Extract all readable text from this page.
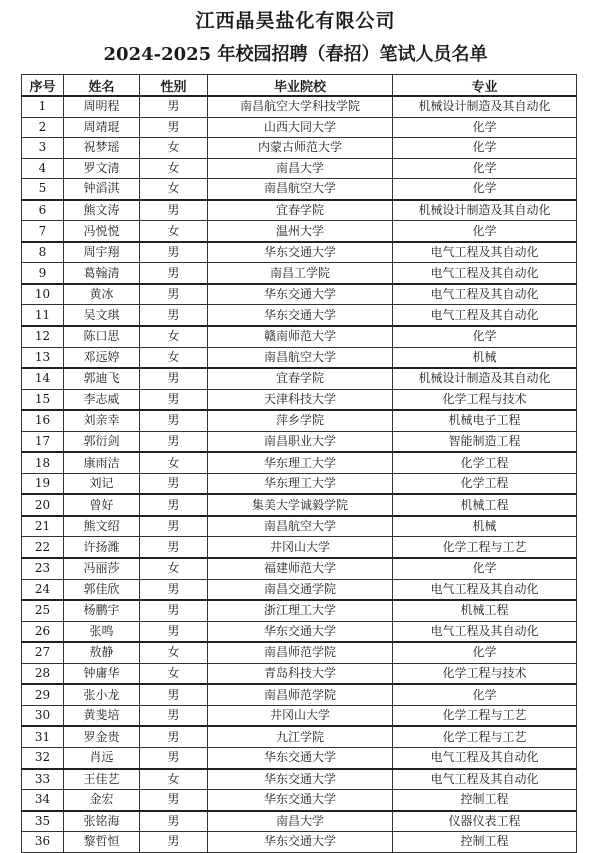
江西晶昊盐化有限公司
2024-2025 年校园招聘（春招）笔试人员名单
序号	姓名	性别	毕业院校	专业
1	周明程	男	南昌航空大学科技学院	机械设计制造及其自动化
2	周靖琨	男	山西大同大学	化学
3	祝梦瑶	女	内蒙古师范大学	化学
4	罗文清	女	南昌大学	化学
5	钟滔淇	女	南昌航空大学	化学
6	熊文涛	男	宜春学院	机械设计制造及其自动化
7	冯悦悦	女	温州大学	化学
8	周宇翔	男	华东交通大学	电气工程及其自动化
9	葛翰清	男	南昌工学院	电气工程及其自动化
10	黄冰	男	华东交通大学	电气工程及其自动化
11	吴文琪	男	华东交通大学	电气工程及其自动化
12	陈口思	女	赣南师范大学	化学
13	邓远婷	女	南昌航空大学	机械
14	郭迪飞	男	宜春学院	机械设计制造及其自动化
15	李志威	男	天津科技大学	化学工程与技术
16	刘亲幸	男	萍乡学院	机械电子工程
17	郭衍剑	男	南昌职业大学	智能制造工程
18	康雨洁	女	华东理工大学	化学工程
19	刘记	男	华东理工大学	化学工程
20	曾好	男	集美大学诚毅学院	机械工程
21	熊文绍	男	南昌航空大学	机械
22	许扬潍	男	井冈山大学	化学工程与工艺
23	冯丽莎	女	福建师范大学	化学
24	郭佳欣	男	南昌交通学院	电气工程及其自动化
25	杨鹏宇	男	浙江理工大学	机械工程
26	张鸣	男	华东交通大学	电气工程及其自动化
27	敖静	女	南昌师范学院	化学
28	钟庸华	女	青岛科技大学	化学工程与技术
29	张小龙	男	南昌师范学院	化学
30	黄斐培	男	井冈山大学	化学工程与工艺
31	罗金贵	男	九江学院	化学工程与工艺
32	肖远	男	华东交通大学	电气工程及其自动化
33	王佳艺	女	华东交通大学	电气工程及其自动化
34	金宏	男	华东交通大学	控制工程
35	张铭海	男	南昌大学	仪器仪表工程
36	黎哲恒	男	华东交通大学	控制工程
